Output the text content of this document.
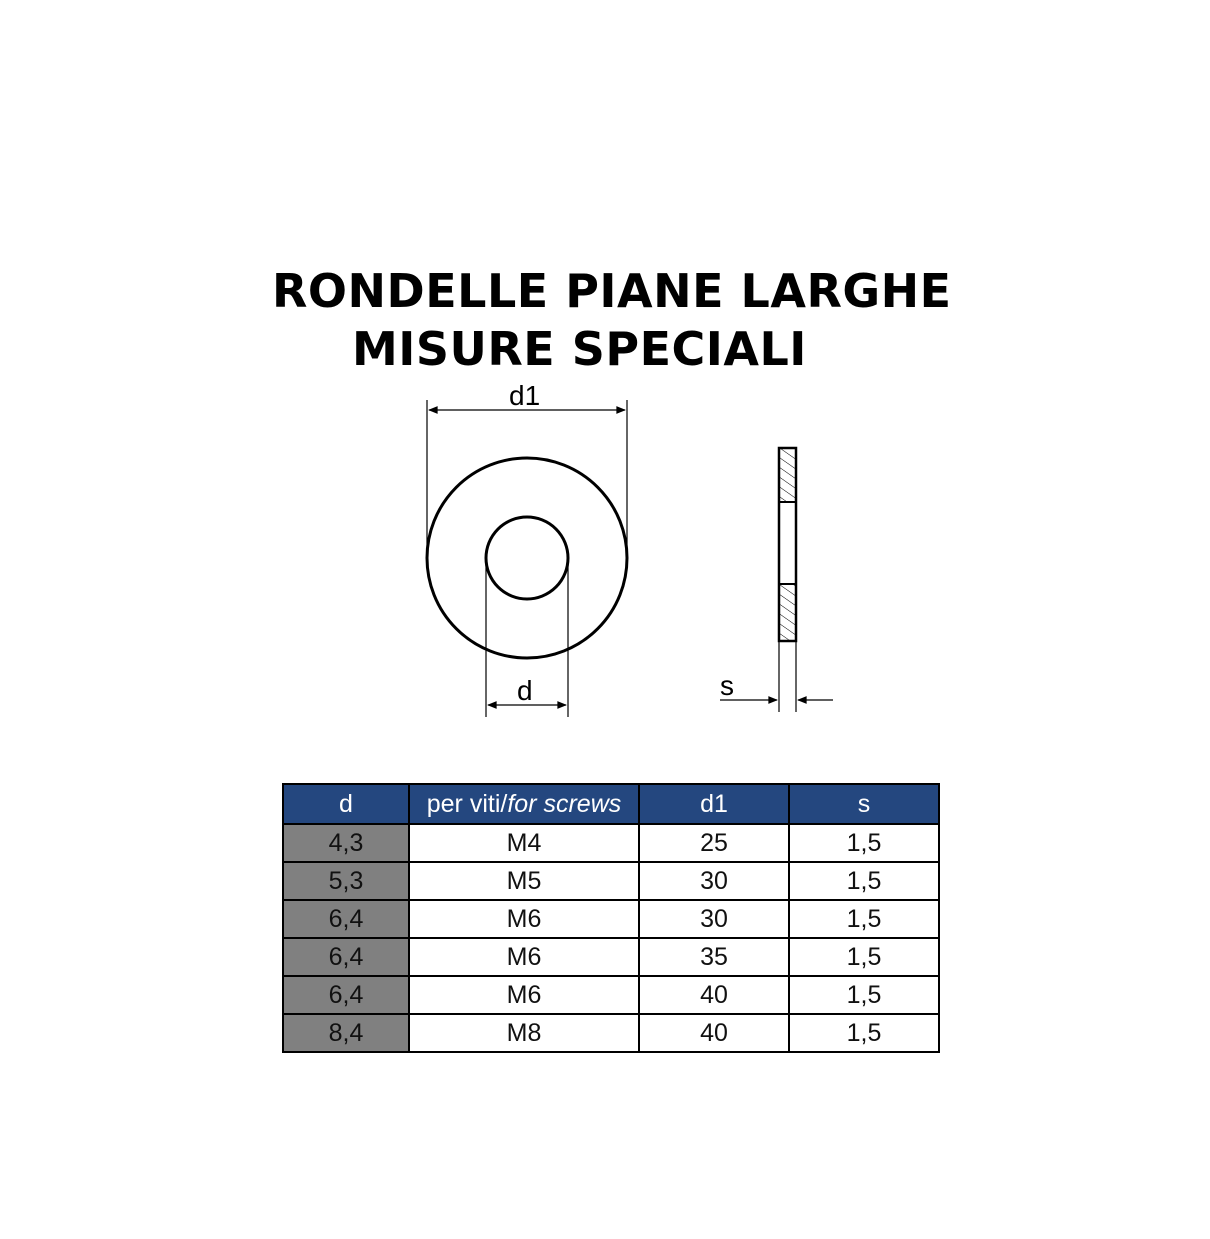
RONDELLE PIANE LARGHE
MISURE SPECIALI
d1
d	s
d	per viti/for screws	d1	s
4,3	M4	25	1,5
5,3	M5	30	1,5
6,4	M6	30	1,5
6,4	M6	35	1,5
6,4	M6	40	1,5
8,4	M8	40	1,5
